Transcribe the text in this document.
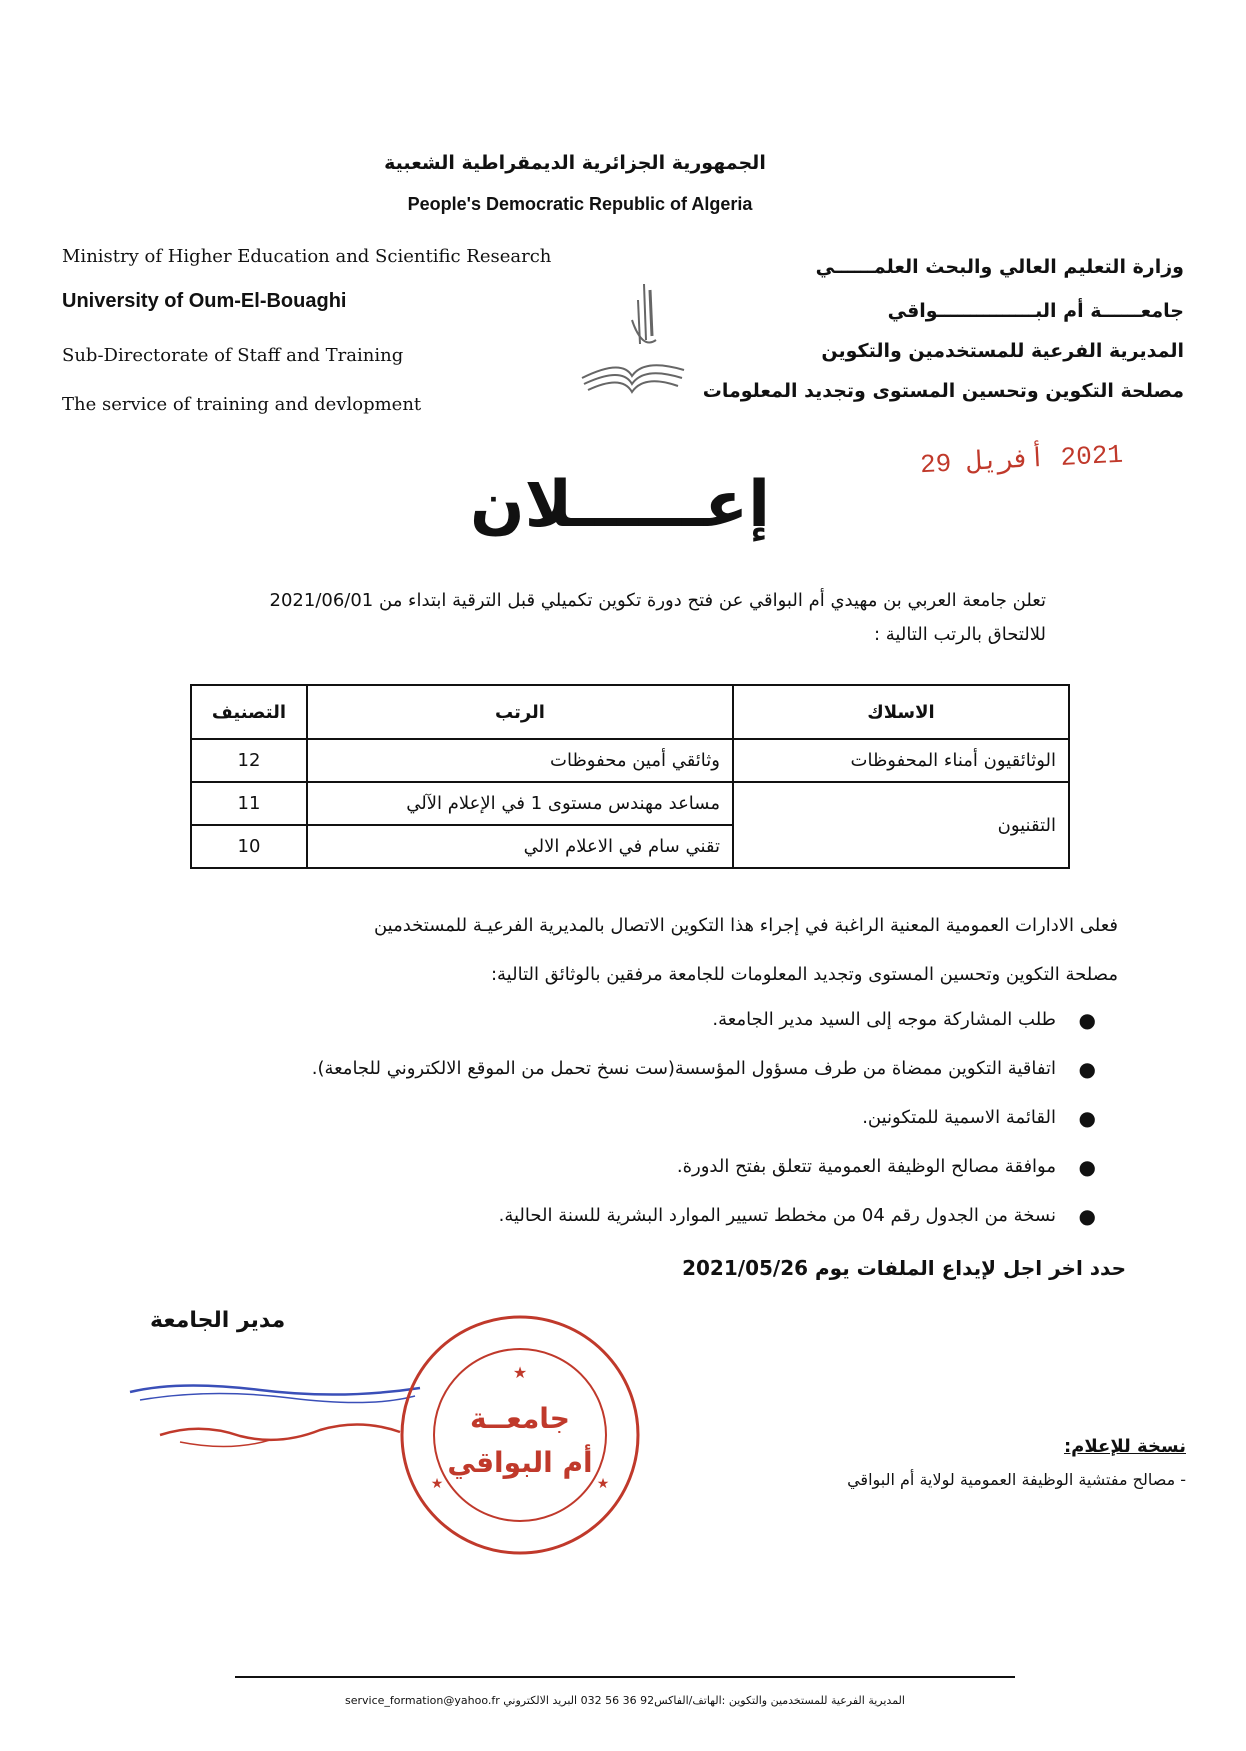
الجمهورية الجزائرية الديمقراطية الشعبية
People's Democratic Republic of Algeria
Ministry of Higher Education and Scientific Research
University of Oum-El-Bouaghi
Sub-Directorate of Staff and Training
The service of training and devlopment
وزارة التعليم العالي والبحث العلمــــــي
جامعــــــة أم البـــــــــــــــواقي
المديرية الفرعية للمستخدمين والتكوين
مصلحة التكوين وتحسين المستوى وتجديد المعلومات
2021 أفريل 29
إعــــــلان
تعلن جامعة العربي بن مهيدي أم البواقي عن فتح دورة تكوين تكميلي قبل الترقية ابتداء من 2021/06/01
للالتحاق بالرتب التالية :
الاسلاك	الرتب	التصنيف
الوثائقيون أمناء المحفوظات	وثائقي أمين محفوظات	12
التقنيون	مساعد مهندس مستوى 1 في الإعلام الآلي	11
	تقني سام في الاعلام الالي	10
فعلى الادارات العمومية المعنية الراغبة في إجراء هذا التكوين الاتصال بالمديرية الفرعيـة للمستخدمين
مصلحة التكوين وتحسين المستوى وتجديد المعلومات للجامعة مرفقين بالوثائق التالية:
●
طلب المشاركة موجه إلى السيد مدير الجامعة.
●
اتفاقية التكوين ممضاة من طرف مسؤول المؤسسة(ست نسخ تحمل من الموقع الالكتروني للجامعة).
●
القائمة الاسمية للمتكونين.
●
موافقة مصالح الوظيفة العمومية تتعلق بفتح الدورة.
●
نسخة من الجدول رقم 04 من مخطط تسيير الموارد البشرية للسنة الحالية.
حدد اخر اجل لإيداع الملفات يوم 2021/05/26
مدير الجامعة
★
★	★
جامعــة
أم البواقي	نسخة للإعلام:
- مصالح مفتشية الوظيفة العمومية لولاية أم البواقي
المديرية الفرعية للمستخدمين والتكوين :الهاتف/الفاكس92 36 56 032 البريد الالكتروني service_formation@yahoo.fr
